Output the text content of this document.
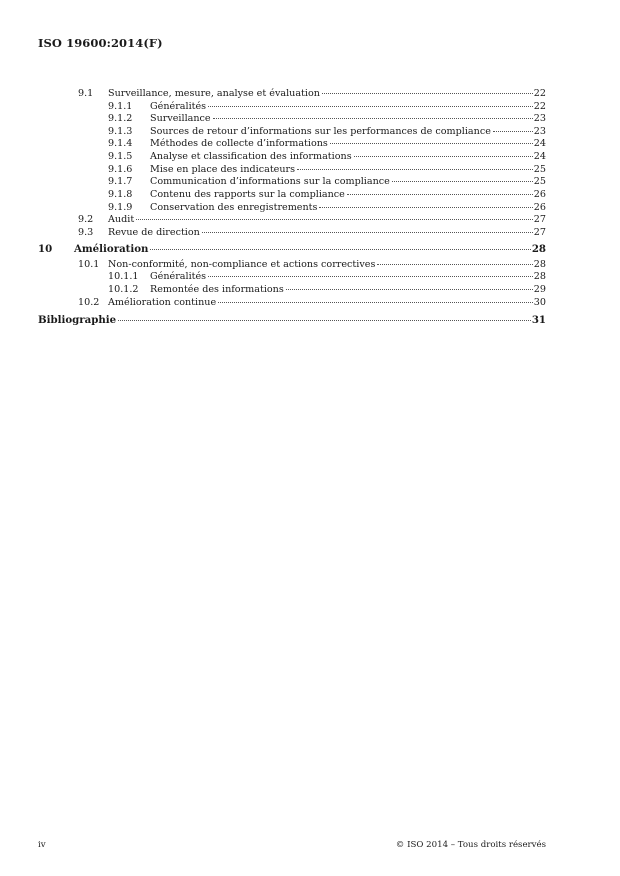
ISO 19600:2014(F)
9.1 Surveillance, mesure, analyse et évaluation	22
9.1.1 Généralités	22
9.1.2 Surveillance	23
9.1.3 Sources de retour d’informations sur les performances de compliance	23
9.1.4 Méthodes de collecte d’informations	24
9.1.5 Analyse et classification des informations	24
9.1.6 Mise en place des indicateurs	25
9.1.7 Communication d’informations sur la compliance	25
9.1.8 Contenu des rapports sur la compliance	26
9.1.9 Conservation des enregistrements	26
9.2 Audit	27
9.3 Revue de direction	27
10 Amélioration	28
10.1 Non-conformité, non-compliance et actions correctives	28
10.1.1 Généralités	28
10.1.2 Remontée des informations	29
10.2 Amélioration continue	30
Bibliographie	31
iv	© ISO 2014 – Tous droits réservés
